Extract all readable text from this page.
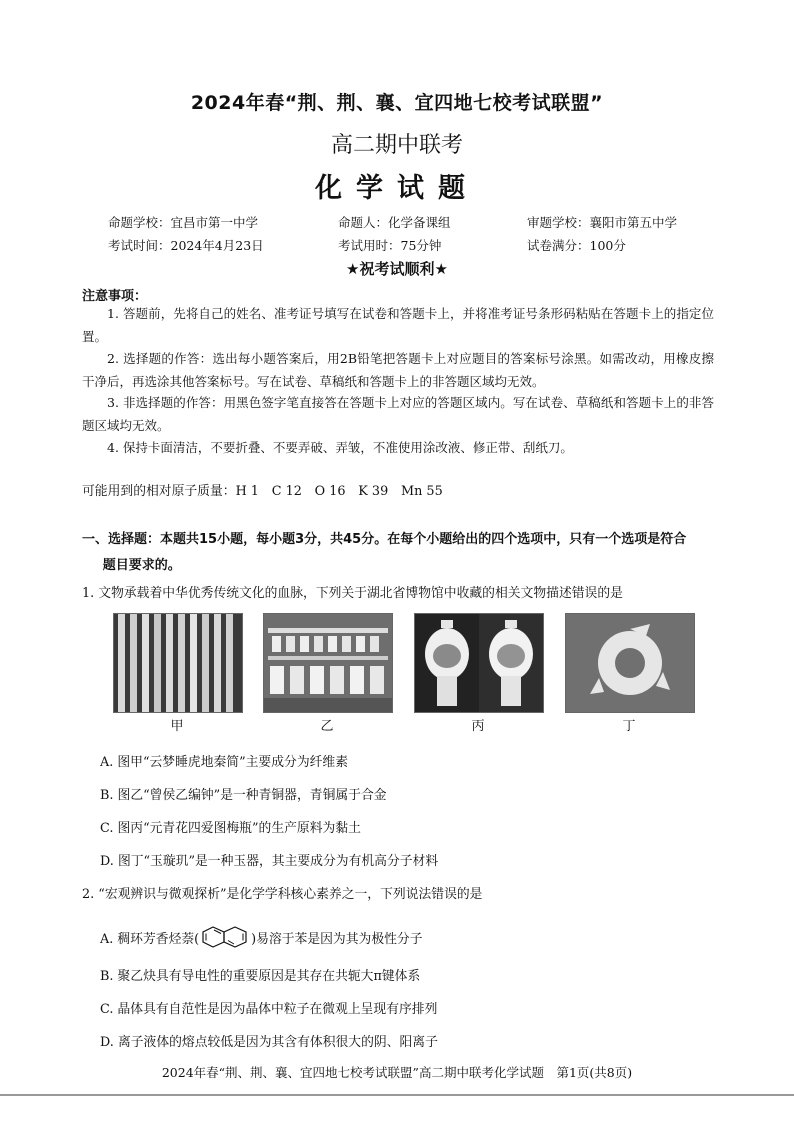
2024年春“荆、荆、襄、宜四地七校考试联盟”
高二期中联考
化学试题
命题学校：宜昌市第一中学	命题人：化学备课组	审题学校：襄阳市第五中学
考试时间：2024年4月23日	考试用时：75分钟	试卷满分：100分
★祝考试顺利★
注意事项：
1. 答题前，先将自己的姓名、准考证号填写在试卷和答题卡上，并将准考证号条形码粘贴在答题卡上的指定位置。
2. 选择题的作答：选出每小题答案后，用2B铅笔把答题卡上对应题目的答案标号涂黑。如需改动，用橡皮擦干净后，再选涂其他答案标号。写在试卷、草稿纸和答题卡上的非答题区域均无效。
3. 非选择题的作答：用黑色签字笔直接答在答题卡上对应的答题区域内。写在试卷、草稿纸和答题卡上的非答题区域均无效。
4. 保持卡面清洁，不要折叠、不要弄破、弄皱，不准使用涂改液、修正带、刮纸刀。
可能用到的相对原子质量：H 1　C 12　O 16　K 39　Mn 55
一、选择题：本题共15小题，每小题3分，共45分。在每个小题给出的四个选项中，只有一个选项是符合
题目要求的。
1. 文物承载着中华优秀传统文化的血脉，下列关于湖北省博物馆中收藏的相关文物描述错误的是
甲	乙	丙	丁
A. 图甲“云梦睡虎地秦简”主要成分为纤维素
B. 图乙“曾侯乙编钟”是一种青铜器，青铜属于合金
C. 图丙“元青花四爱图梅瓶”的生产原料为黏土
D. 图丁“玉璇玑”是一种玉器，其主要成分为有机高分子材料
2. “宏观辨识与微观探析”是化学学科核心素养之一，下列说法错误的是
A. 稠环芳香烃萘(	)易溶于苯是因为其为极性分子
B. 聚乙炔具有导电性的重要原因是其存在共轭大π键体系
C. 晶体具有自范性是因为晶体中粒子在微观上呈现有序排列
D. 离子液体的熔点较低是因为其含有体积很大的阴、阳离子
2024年春“荆、荆、襄、宜四地七校考试联盟”高二期中联考化学试题　第1页(共8页)
